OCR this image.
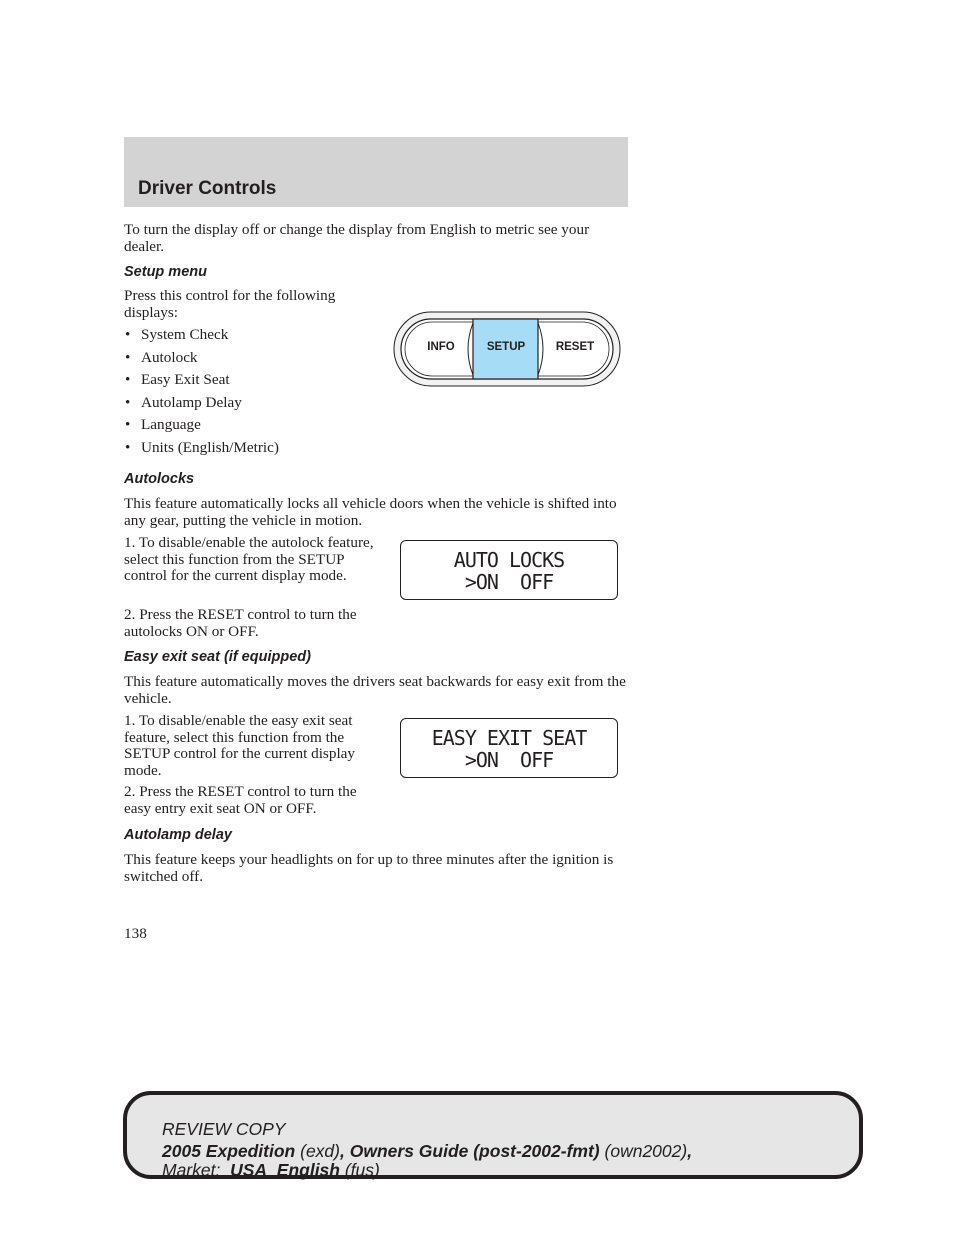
Driver Controls
To turn the display off or change the display from English to metric see your dealer.
Setup menu
Press this control for the following displays:
• System Check
• Autolock
• Easy Exit Seat
• Autolamp Delay
• Language
• Units (English/Metric)
INFO	SETUP	RESET
Autolocks
This feature automatically locks all vehicle doors when the vehicle is shifted into any gear, putting the vehicle in motion.
1. To disable/enable the autolock feature, select this function from the SETUP control for the current display mode.
2. Press the RESET control to turn the autolocks ON or OFF.
AUTO LOCKS
>ON  OFF
Easy exit seat (if equipped)
This feature automatically moves the drivers seat backwards for easy exit from the vehicle.
1. To disable/enable the easy exit seat feature, select this function from the SETUP control for the current display mode.
2. Press the RESET control to turn the easy entry exit seat ON or OFF.
EASY EXIT SEAT
>ON  OFF
Autolamp delay
This feature keeps your headlights on for up to three minutes after the ignition is switched off.
138
REVIEW COPY
2005 Expedition (exd), Owners Guide (post-2002-fmt) (own2002),
Market: USA_English (fus)
